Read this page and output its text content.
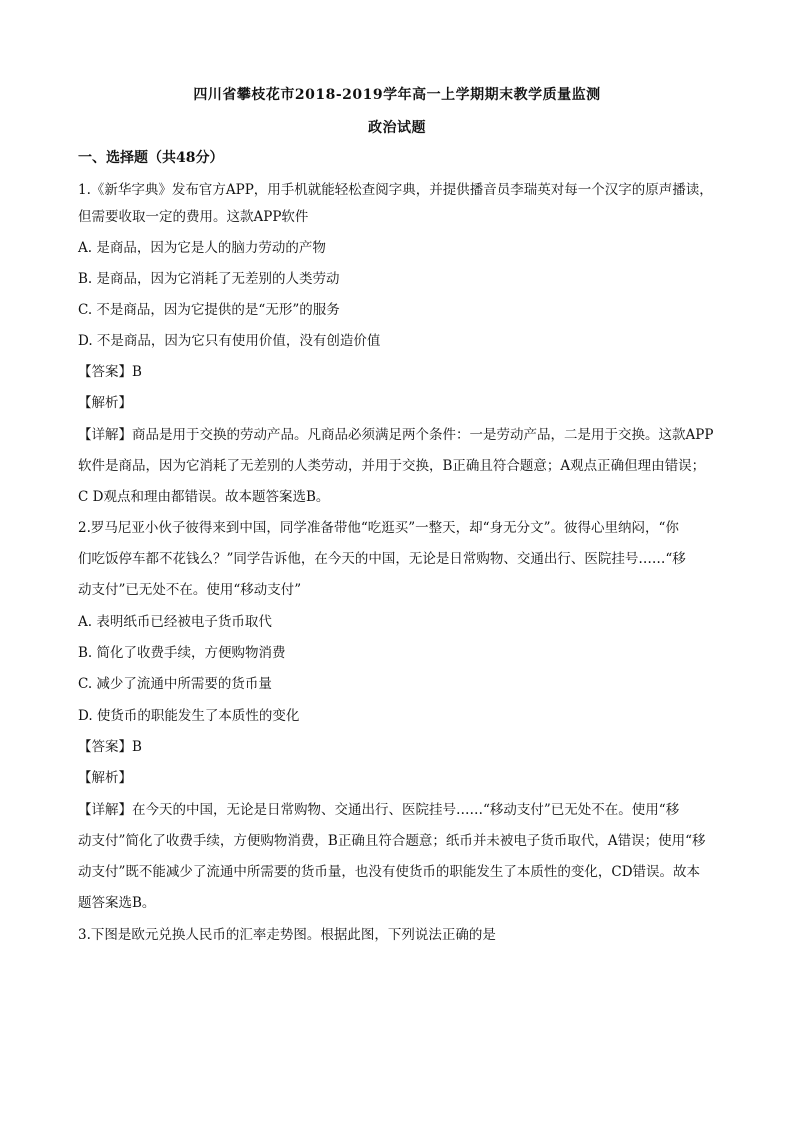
四川省攀枝花市2018-2019学年高一上学期期末教学质量监测
政治试题
一、选择题（共48分）
1.《新华字典》发布官方APP，用手机就能轻松查阅字典，并提供播音员李瑞英对每一个汉字的原声播读，
但需要收取一定的费用。这款APP软件
A. 是商品，因为它是人的脑力劳动的产物
B. 是商品，因为它消耗了无差别的人类劳动
C. 不是商品，因为它提供的是“无形”的服务
D. 不是商品，因为它只有使用价值，没有创造价值
【答案】B
【解析】
【详解】商品是用于交换的劳动产品。凡商品必须满足两个条件：一是劳动产品，二是用于交换。这款APP
软件是商品，因为它消耗了无差别的人类劳动，并用于交换，B正确且符合题意；A观点正确但理由错误；
C D观点和理由都错误。故本题答案选B。
2.罗马尼亚小伙子彼得来到中国，同学准备带他“吃逛买”一整天，却“身无分文”。彼得心里纳闷，“你
们吃饭停车都不花钱么？”同学告诉他，在今天的中国，无论是日常购物、交通出行、医院挂号……“移
动支付”已无处不在。使用“移动支付”
A. 表明纸币已经被电子货币取代
B. 简化了收费手续，方便购物消费
C. 减少了流通中所需要的货币量
D. 使货币的职能发生了本质性的变化
【答案】B
【解析】
【详解】在今天的中国，无论是日常购物、交通出行、医院挂号……“移动支付”已无处不在。使用“移
动支付”简化了收费手续，方便购物消费，B正确且符合题意；纸币并未被电子货币取代，A错误；使用“移
动支付”既不能减少了流通中所需要的货币量，也没有使货币的职能发生了本质性的变化，CD错误。故本
题答案选B。
3.下图是欧元兑换人民币的汇率走势图。根据此图，下列说法正确的是
